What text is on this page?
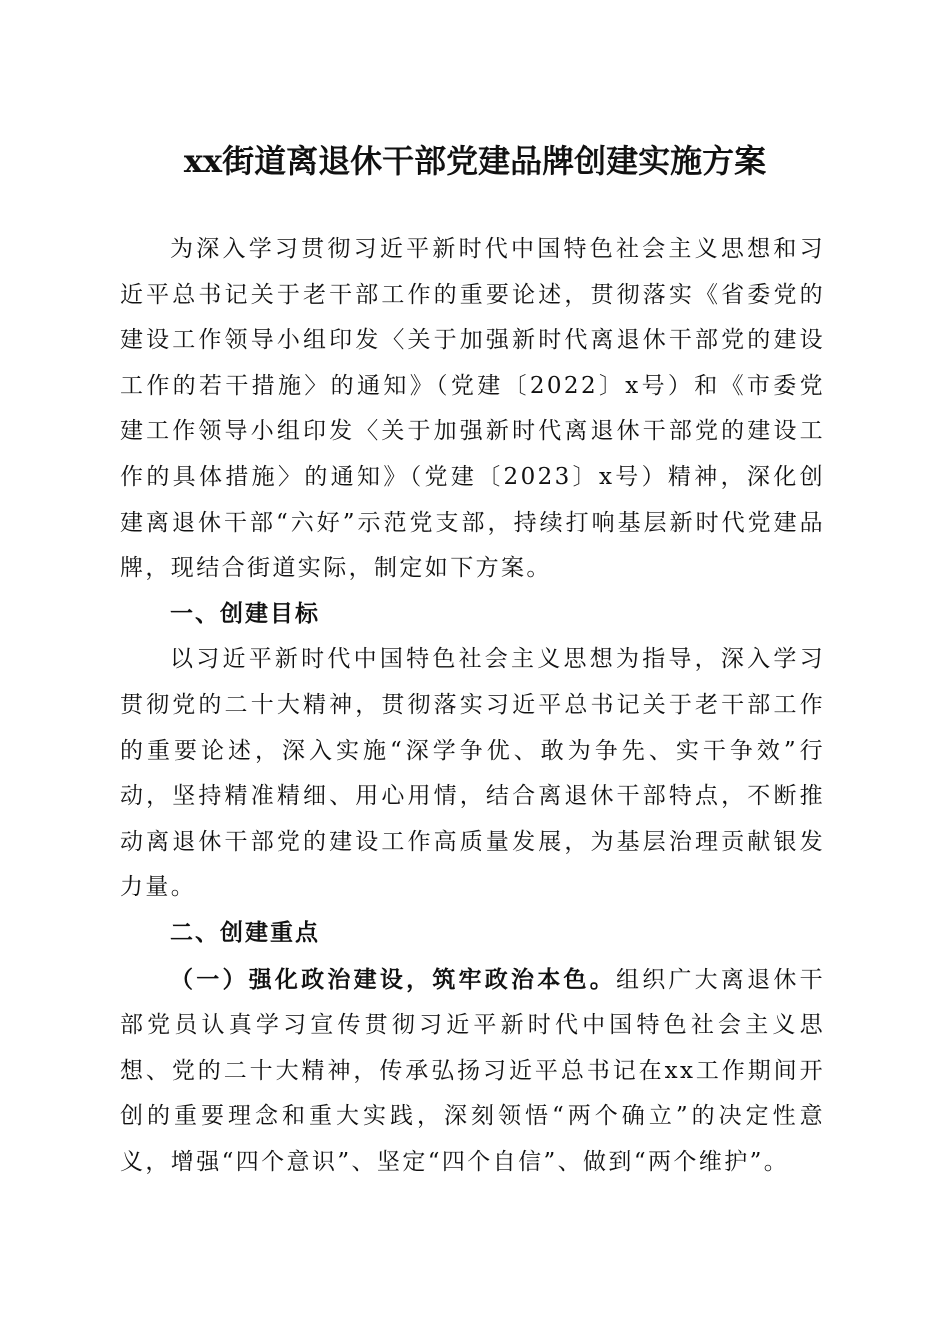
xx街道离退休干部党建品牌创建实施方案

为深入学习贯彻习近平新时代中国特色社会主义思想和习近平总书记关于老干部工作的重要论述，贯彻落实《省委党的建设工作领导小组印发〈关于加强新时代离退休干部党的建设工作的若干措施〉的通知》（党建〔2022〕x号）和《市委党建工作领导小组印发〈关于加强新时代离退休干部党的建设工作的具体措施〉的通知》（党建〔2023〕x号）精神，深化创建离退休干部“六好”示范党支部，持续打响基层新时代党建品牌，现结合街道实际，制定如下方案。

一、创建目标

以习近平新时代中国特色社会主义思想为指导，深入学习贯彻党的二十大精神，贯彻落实习近平总书记关于老干部工作的重要论述，深入实施“深学争优、敢为争先、实干争效”行动，坚持精准精细、用心用情，结合离退休干部特点，不断推动离退休干部党的建设工作高质量发展，为基层治理贡献银发力量。

二、创建重点

（一）强化政治建设，筑牢政治本色。组织广大离退休干部党员认真学习宣传贯彻习近平新时代中国特色社会主义思想、党的二十大精神，传承弘扬习近平总书记在xx工作期间开创的重要理念和重大实践，深刻领悟“两个确立”的决定性意义，增强“四个意识”、坚定“四个自信”、做到“两个维护”。
